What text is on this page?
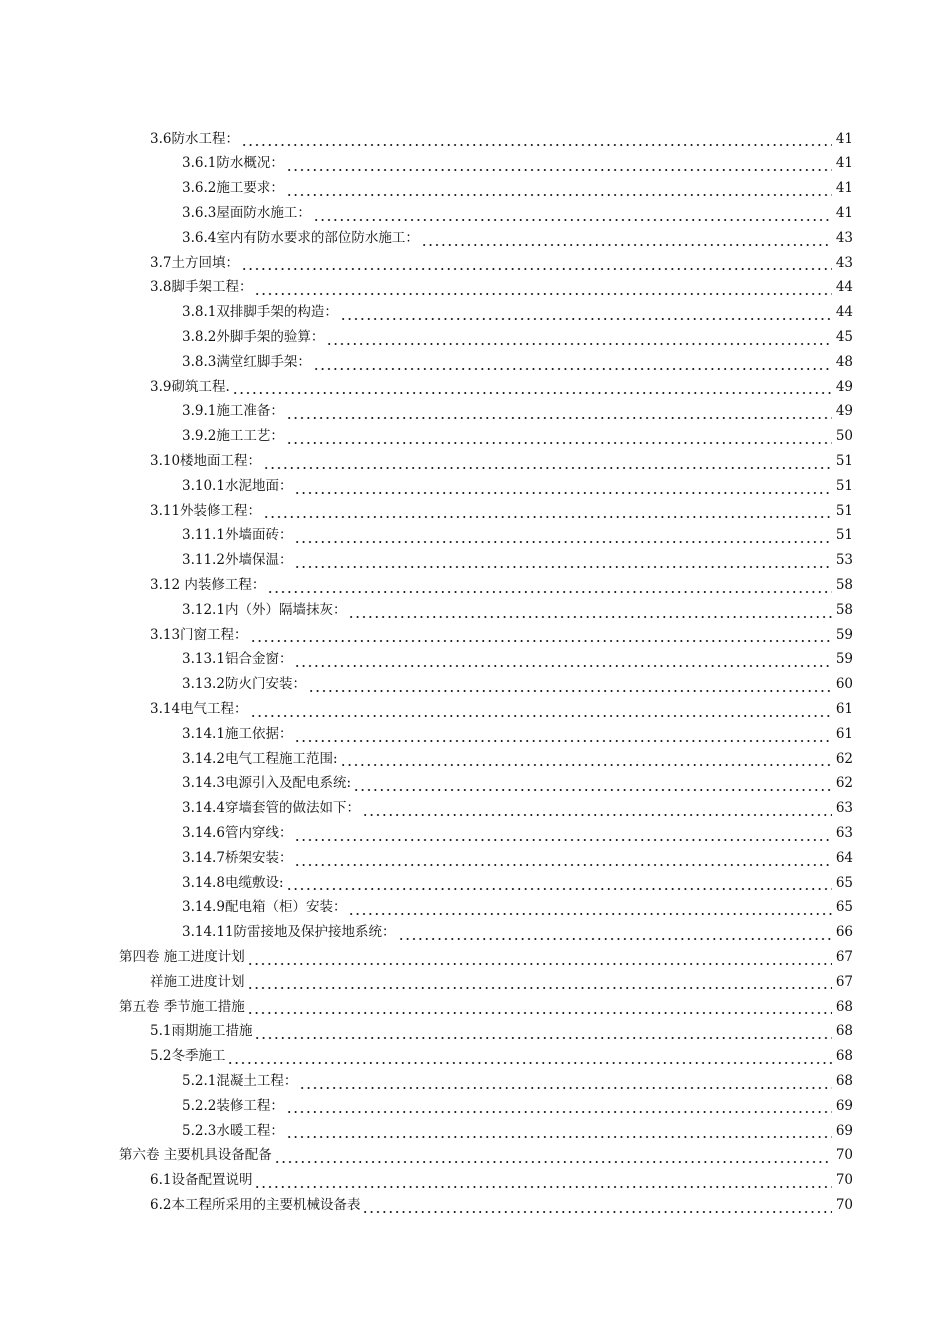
3.6防水工程：	41
3.6.1防水概况：	41
3.6.2施工要求：	41
3.6.3屋面防水施工：	41
3.6.4室内有防水要求的部位防水施工：	43
3.7土方回填：	43
3.8脚手架工程：	44
3.8.1双排脚手架的构造：	44
3.8.2外脚手架的验算：	45
3.8.3满堂红脚手架：	48
3.9砌筑工程.	49
3.9.1施工准备：	49
3.9.2施工工艺：	50
3.10楼地面工程：	51
3.10.1水泥地面：	51
3.11外装修工程：	51
3.11.1外墙面砖：	51
3.11.2外墙保温：	53
3.12 内装修工程：	58
3.12.1内（外）隔墙抹灰：	58
3.13门窗工程：	59
3.13.1铝合金窗：	59
3.13.2防火门安装：	60
3.14电气工程：	61
3.14.1施工依据：	61
3.14.2电气工程施工范围:	62
3.14.3电源引入及配电系统:	62
3.14.4穿墙套管的做法如下：	63
3.14.6管内穿线：	63
3.14.7桥架安装：	64
3.14.8电缆敷设:	65
3.14.9配电箱（柜）安装：	65
3.14.11防雷接地及保护接地系统：	66
第四卷 施工进度计划	67
祥施工进度计划	67
第五卷 季节施工措施	68
5.1雨期施工措施	68
5.2冬季施工	68
5.2.1混凝土工程：	68
5.2.2装修工程：	69
5.2.3水暖工程：	69
第六卷 主要机具设备配备	70
6.1设备配置说明	70
6.2本工程所采用的主要机械设备表	70
